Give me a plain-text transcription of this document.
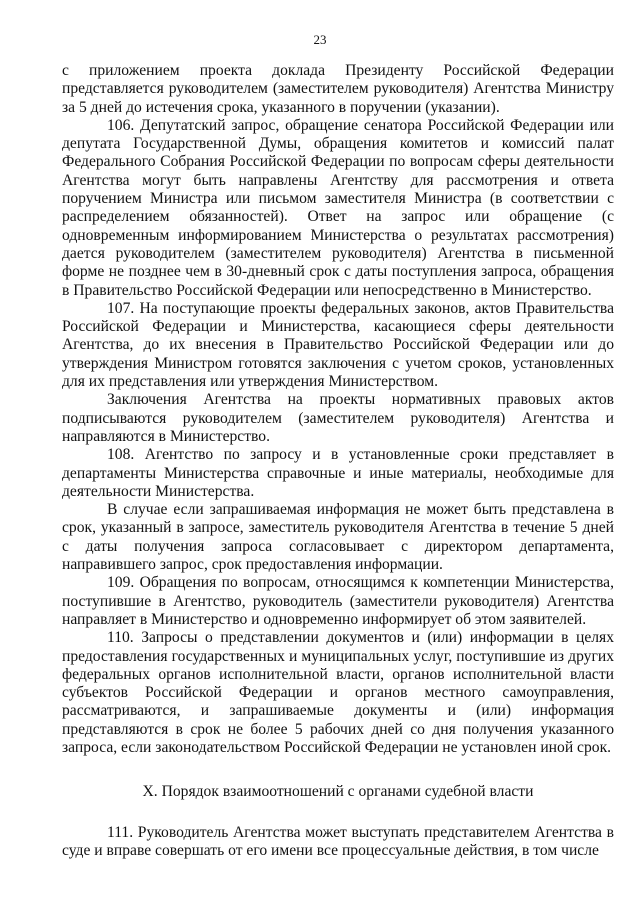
23

с приложением проекта доклада Президенту Российской Федерации представляется руководителем (заместителем руководителя) Агентства Министру за 5 дней до истечения срока, указанного в поручении (указании).

106. Депутатский запрос, обращение сенатора Российской Федерации или депутата Государственной Думы, обращения комитетов и комиссий палат Федерального Собрания Российской Федерации по вопросам сферы деятельности Агентства могут быть направлены Агентству для рассмотрения и ответа поручением Министра или письмом заместителя Министра (в соответствии с распределением обязанностей). Ответ на запрос или обращение (с одновременным информированием Министерства о результатах рассмотрения) дается руководителем (заместителем руководителя) Агентства в письменной форме не позднее чем в 30-дневный срок с даты поступления запроса, обращения в Правительство Российской Федерации или непосредственно в Министерство.

107. На поступающие проекты федеральных законов, актов Правительства Российской Федерации и Министерства, касающиеся сферы деятельности Агентства, до их внесения в Правительство Российской Федерации или до утверждения Министром готовятся заключения с учетом сроков, установленных для их представления или утверждения Министерством.

Заключения Агентства на проекты нормативных правовых актов подписываются руководителем (заместителем руководителя) Агентства и направляются в Министерство.

108. Агентство по запросу и в установленные сроки представляет в департаменты Министерства справочные и иные материалы, необходимые для деятельности Министерства.

В случае если запрашиваемая информация не может быть представлена в срок, указанный в запросе, заместитель руководителя Агентства в течение 5 дней с даты получения запроса согласовывает с директором департамента, направившего запрос, срок предоставления информации.

109. Обращения по вопросам, относящимся к компетенции Министерства, поступившие в Агентство, руководитель (заместители руководителя) Агентства направляет в Министерство и одновременно информирует об этом заявителей.

110. Запросы о представлении документов и (или) информации в целях предоставления государственных и муниципальных услуг, поступившие из других федеральных органов исполнительной власти, органов исполнительной власти субъектов Российской Федерации и органов местного самоуправления, рассматриваются, и запрашиваемые документы и (или) информация представляются в срок не более 5 рабочих дней со дня получения указанного запроса, если законодательством Российской Федерации не установлен иной срок.

X. Порядок взаимоотношений с органами судебной власти

111. Руководитель Агентства может выступать представителем Агентства в суде и вправе совершать от его имени все процессуальные действия, в том числе
